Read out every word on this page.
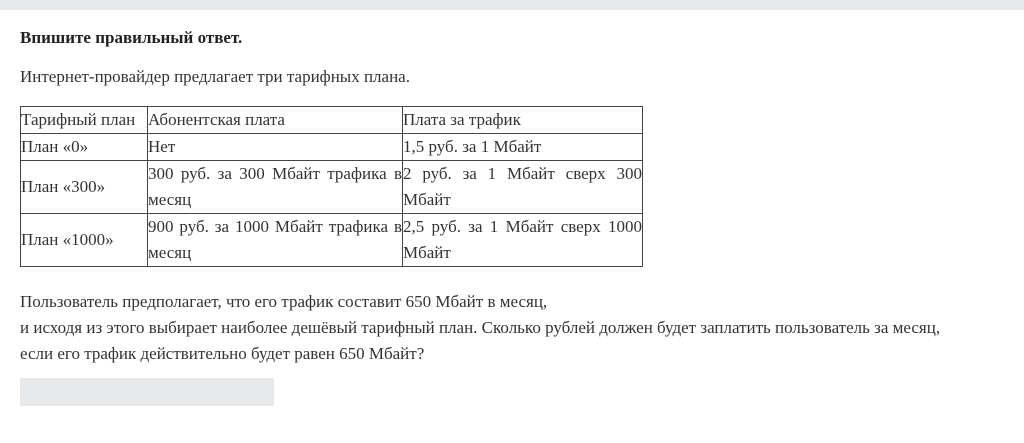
Впишите правильный ответ.

Интернет-провайдер предлагает три тарифных плана.

Тарифный план	Абонентская плата	Плата за трафик
План «0»	Нет	1,5 руб. за 1 Мбайт
План «300»	300 руб. за 300 Мбайт трафика в месяц	2 руб. за 1 Мбайт сверх 300 Мбайт
План «1000»	900 руб. за 1000 Мбайт трафика в месяц	2,5 руб. за 1 Мбайт сверх 1000 Мбайт

Пользователь предполагает, что его трафик составит 650 Мбайт в месяц,
и исходя из этого выбирает наиболее дешёвый тарифный план. Сколько рублей должен будет заплатить пользователь за месяц,
если его трафик действительно будет равен 650 Мбайт?
